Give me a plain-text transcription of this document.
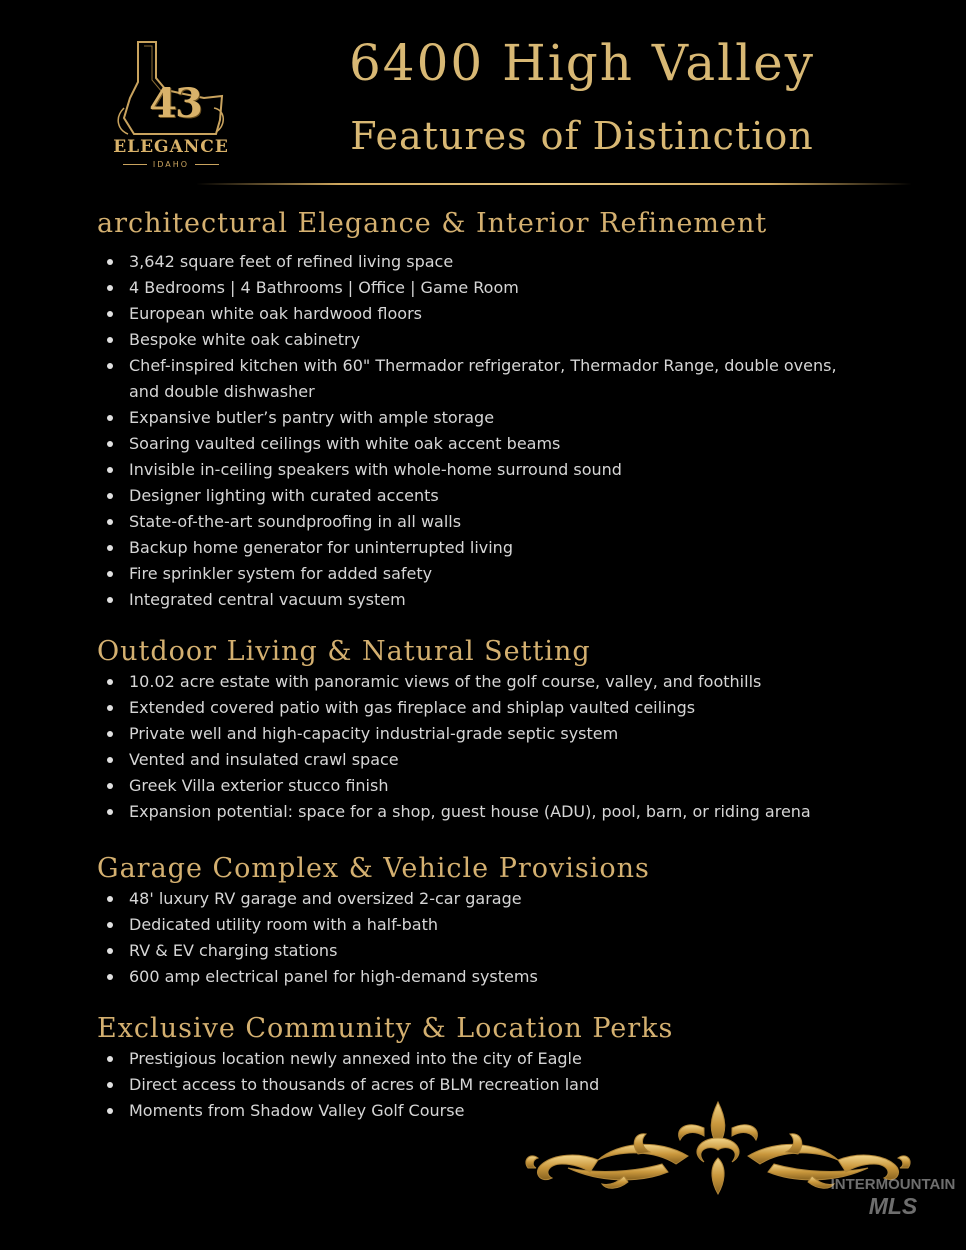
43
ELEGANCE
IDAHO
6400 High Valley
Features of Distinction
architectural Elegance & Interior Refinement
3,642 square feet of refined living space
4 Bedrooms | 4 Bathrooms | Office | Game Room
European white oak hardwood floors
Bespoke white oak cabinetry
Chef-inspired kitchen with 60" Thermador refrigerator, Thermador Range, double ovens, and double dishwasher
Expansive butler’s pantry with ample storage
Soaring vaulted ceilings with white oak accent beams
Invisible in-ceiling speakers with whole-home surround sound
Designer lighting with curated accents
State-of-the-art soundproofing in all walls
Backup home generator for uninterrupted living
Fire sprinkler system for added safety
Integrated central vacuum system
Outdoor Living & Natural Setting
10.02 acre estate with panoramic views of the golf course, valley, and foothills
Extended covered patio with gas fireplace and shiplap vaulted ceilings
Private well and high-capacity industrial-grade septic system
Vented and insulated crawl space
Greek Villa exterior stucco finish
Expansion potential: space for a shop, guest house (ADU), pool, barn, or riding arena
Garage Complex & Vehicle Provisions
48' luxury RV garage and oversized 2-car garage
Dedicated utility room with a half-bath
RV & EV charging stations
600 amp electrical panel for high-demand systems
Exclusive Community & Location Perks
Prestigious location newly annexed into the city of Eagle
Direct access to thousands of acres of BLM recreation land
Moments from Shadow Valley Golf Course
INTERMOUNTAIN
MLS
